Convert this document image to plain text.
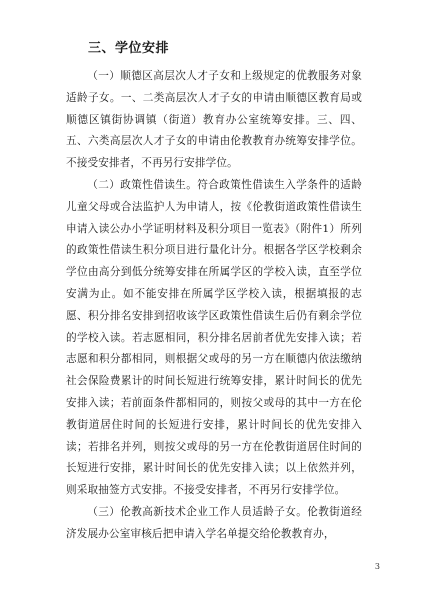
三、学位安排

（一）顺德区高层次人才子女和上级规定的优教服务对象适龄子女。一、二类高层次人才子女的申请由顺德区教育局或顺德区镇街协调镇（街道）教育办公室统筹安排。三、四、五、六类高层次人才子女的申请由伦教教育办统筹安排学位。不接受安排者，不再另行安排学位。

（二）政策性借读生。符合政策性借读生入学条件的适龄儿童父母或合法监护人为申请人，按《伦教街道政策性借读生申请入读公办小学证明材料及积分项目一览表》（附件1）所列的政策性借读生积分项目进行量化计分。根据各学区学校剩余学位由高分到低分统筹安排在所属学区的学校入读，直至学位安满为止。如不能安排在所属学区学校入读，根据填报的志愿、积分排名安排到招收该学区政策性借读生后仍有剩余学位的学校入读。若志愿相同，积分排名居前者优先安排入读；若志愿和积分都相同，则根据父或母的另一方在顺德内依法缴纳社会保险费累计的时间长短进行统筹安排，累计时间长的优先安排入读；若前面条件都相同的，则按父或母的其中一方在伦教街道居住时间的长短进行安排，累计时间长的优先安排入读；若排名并列，则按父或母的另一方在伦教街道居住时间的长短进行安排，累计时间长的优先安排入读；以上依然并列，则采取抽签方式安排。不接受安排者，不再另行安排学位。

（三）伦教高新技术企业工作人员适龄子女。伦教街道经济发展办公室审核后把申请入学名单提交给伦教教育办，

3
